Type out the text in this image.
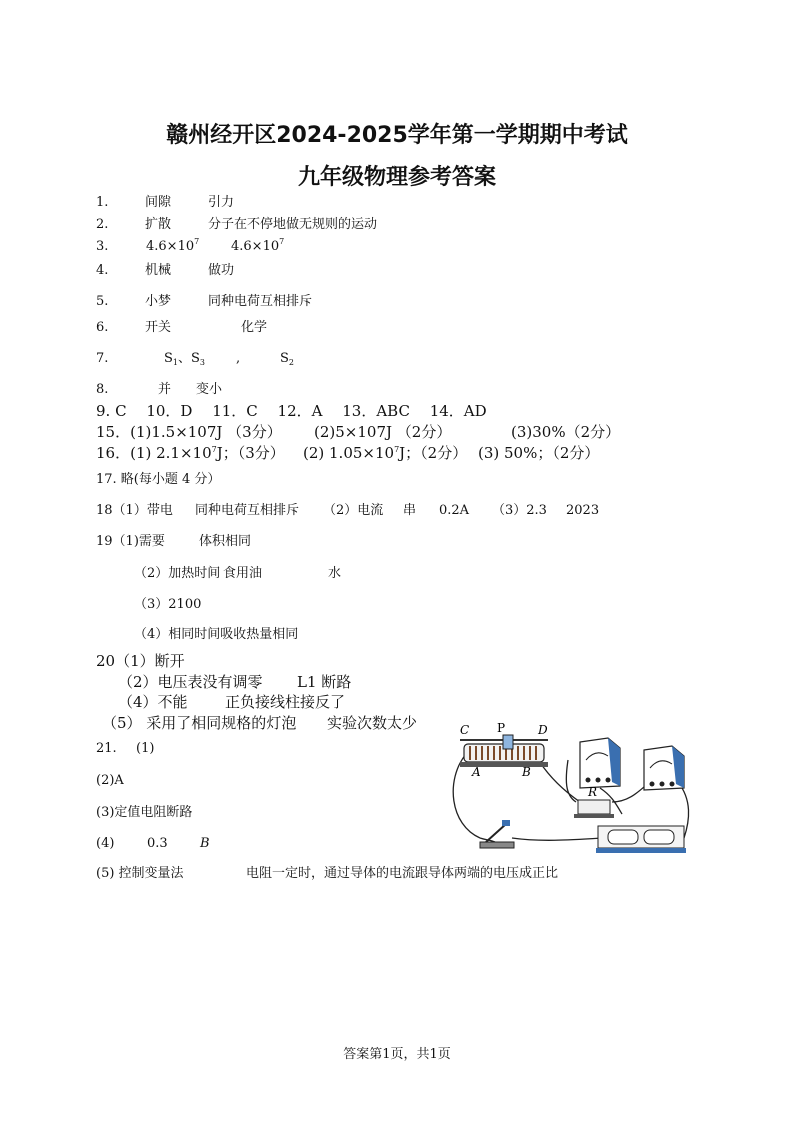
赣州经开区2024-2025学年第一学期期中考试
九年级物理参考答案
1.	间隙	引力
2.	扩散	分子在不停地做无规则的运动
3.	$4.6\times 10^7$ $4.6\times 10^7$
4.	机械	做功
5.	小梦	同种电荷互相排斥
6.	开关	化学
7.	$S_1$、$S_3$ ,	$S_2$
8.	并 变小
9. C　 10．D　 11．C　 12．A　 13．ABC　 14．AD
15．(1)1.5×107J （3分） (2)5×107J （2分）	(3)30%（2分）
16．(1) $2.1\times 10^7J$；（3分） (2) $1.05\times 10^7J$；（2分） (3) 50%；（2分）
17. 略(每小题 4 分）
18（1）带电 同种电荷互相排斥 （2）电流 串 0.2A （3）2.3 2023
19（1)需要	体积相同
（2）加热时间 食用油	水
（3）2100
（4）相同时间吸收热量相同
20（1）断开
（2）电压表没有调零 L1 断路
（4）不能 正负接线柱接反了
（5） 采用了相同规格的灯泡 实验次数太少
21. (1)
(2)A
(3)定值电阻断路
(4)	0.3 B
(5) 控制变量法	电阻一定时，通过导体的电流跟导体两端的电压成正比
C P	D
A	B
R
答案第1页，共1页
